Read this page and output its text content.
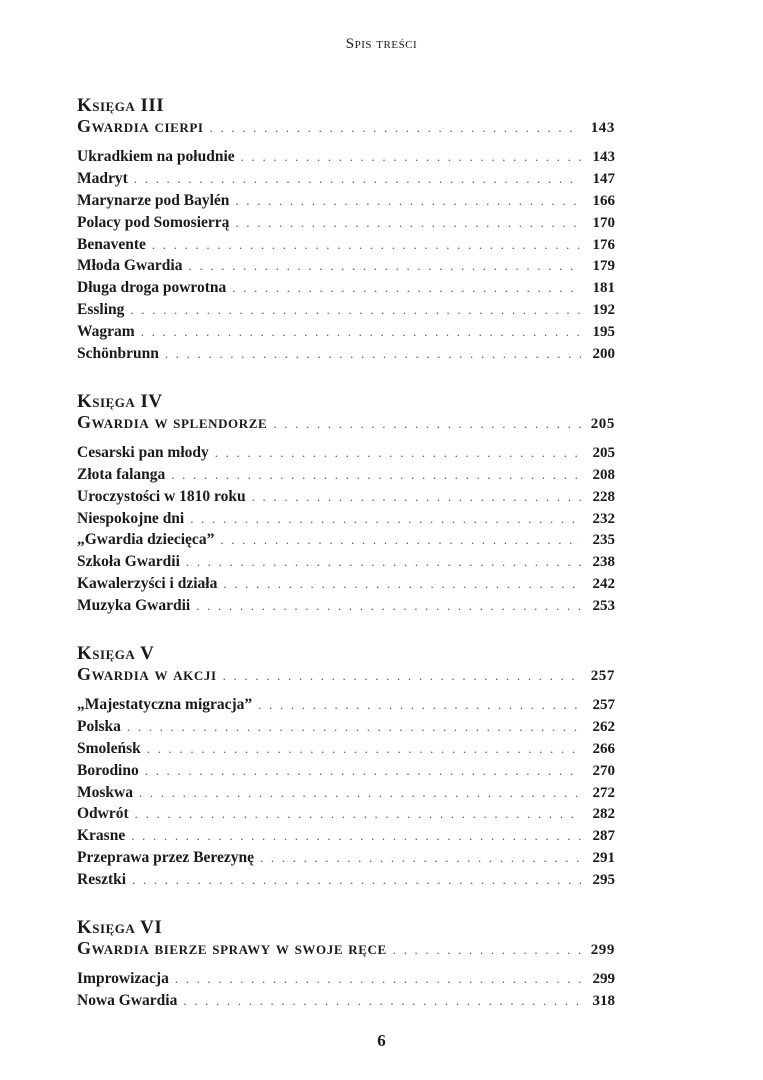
Spis treści
Księga III
Gwardia cierpi . . .	143
Ukradkiem na południe . . .	143
Madryt . . .	147
Marynarze pod Baylén . . .	166
Polacy pod Somosierrą . . .	170
Benavente . . .	176
Młoda Gwardia . . .	179
Długa droga powrotna . . .	181
Essling . . .	192
Wagram . . .	195
Schönbrunn . . .	200
Księga IV
Gwardia w splendorze . . .	205
Cesarski pan młody . . .	205
Złota falanga . . .	208
Uroczystości w 1810 roku . . .	228
Niespokojne dni . . .	232
„Gwardia dziecięca” . . .	235
Szkoła Gwardii . . .	238
Kawalerzyści i działa . . .	242
Muzyka Gwardii . . .	253
Księga V
Gwardia w akcji . . .	257
„Majestatyczna migracja” . . .	257
Polska . . .	262
Smoleńsk . . .	266
Borodino . . .	270
Moskwa . . .	272
Odwrót . . .	282
Krasne . . .	287
Przeprawa przez Berezynę . . .	291
Resztki . . .	295
Księga VI
Gwardia bierze sprawy w swoje ręce . . .	299
Improwizacja . . .	299
Nowa Gwardia . . .	318
6
